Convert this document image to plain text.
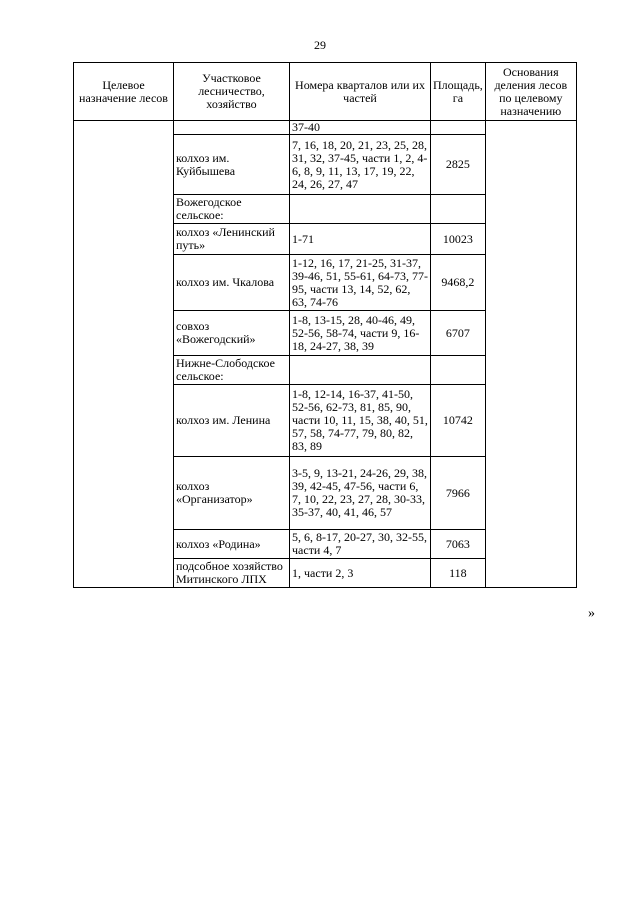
29
Целевое назначение лесов	Участковое лесничество, хозяйство	Номера кварталов или их частей	Площадь, га	Основания деления лесов по целевому назначению
		37-40		
	колхоз им. Куйбышева	7, 16, 18, 20, 21, 23, 25, 28, 31, 32, 37-45, части 1, 2, 4-6, 8, 9, 11, 13, 17, 19, 22, 24, 26, 27, 47	2825	
	Вожегодское сельское:			
	колхоз «Ленинский путь»	1-71	10023	
	колхоз им. Чкалова	1-12, 16, 17, 21-25, 31-37, 39-46, 51, 55-61, 64-73, 77-95, части 13, 14, 52, 62, 63, 74-76	9468,2	
	совхоз «Вожегодский»	1-8, 13-15, 28, 40-46, 49, 52-56, 58-74, части 9, 16-18, 24-27, 38, 39	6707	
	Нижне-Слободское сельское:			
	колхоз им. Ленина	1-8, 12-14, 16-37, 41-50, 52-56, 62-73, 81, 85, 90, части 10, 11, 15, 38, 40, 51, 57, 58, 74-77, 79, 80, 82, 83, 89	10742	
	колхоз «Организатор»	3-5, 9, 13-21, 24-26, 29, 38, 39, 42-45, 47-56, части 6, 7, 10, 22, 23, 27, 28, 30-33, 35-37, 40, 41, 46, 57	7966	
	колхоз «Родина»	5, 6, 8-17, 20-27, 30, 32-55, части 4, 7	7063	
	подсобное хозяйство Митинского ЛПХ	1, части 2, 3	118	
»
